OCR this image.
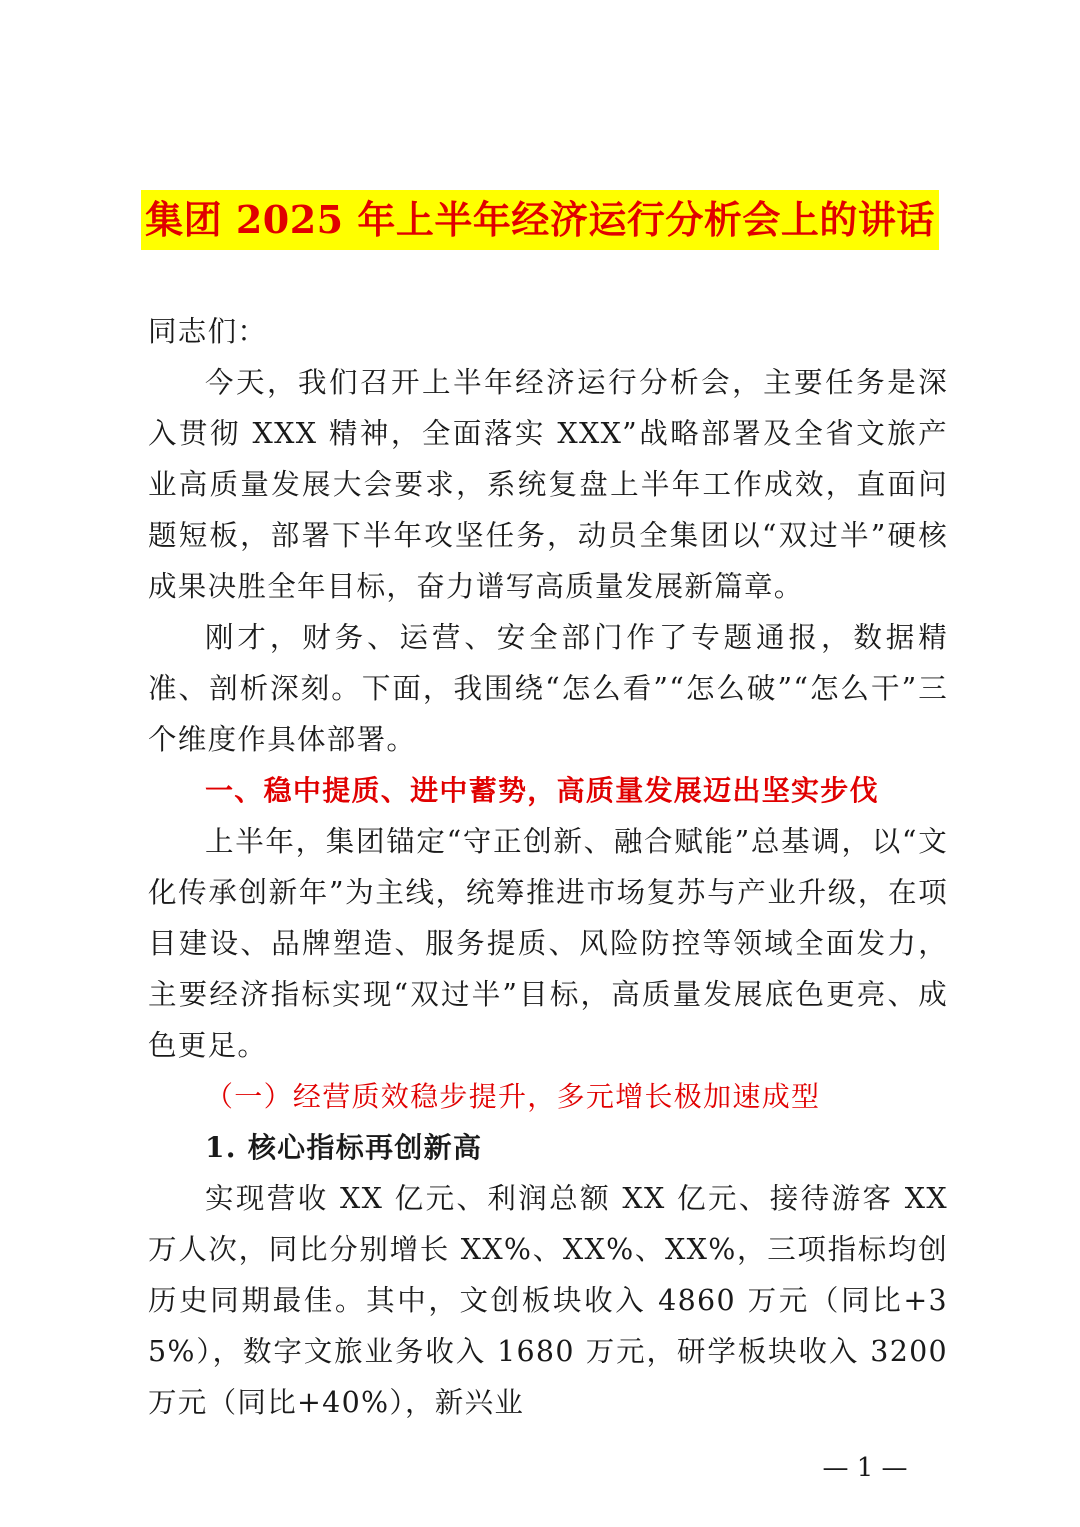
集团 2025 年上半年经济运行分析会上的讲话

同志们：

今天，我们召开上半年经济运行分析会，主要任务是深入贯彻 XXX 精神，全面落实 XXX”战略部署及全省文旅产业高质量发展大会要求，系统复盘上半年工作成效，直面问题短板，部署下半年攻坚任务，动员全集团以“双过半”硬核成果决胜全年目标，奋力谱写高质量发展新篇章。

刚才，财务、运营、安全部门作了专题通报，数据精准、剖析深刻。下面，我围绕“怎么看”“怎么破”“怎么干”三个维度作具体部署。

一、稳中提质、进中蓄势，高质量发展迈出坚实步伐

上半年，集团锚定“守正创新、融合赋能”总基调，以“文化传承创新年”为主线，统筹推进市场复苏与产业升级，在项目建设、品牌塑造、服务提质、风险防控等领域全面发力，主要经济指标实现“双过半”目标，高质量发展底色更亮、成色更足。

（一）经营质效稳步提升，多元增长极加速成型

1. 核心指标再创新高

实现营收 XX 亿元、利润总额 XX 亿元、接待游客 XX 万人次，同比分别增长 XX%、XX%、XX%，三项指标均创历史同期最佳。其中，文创板块收入 4860 万元（同比+35%），数字文旅业务收入 1680 万元，研学板块收入 3200 万元（同比+40%），新兴业

— 1 —
